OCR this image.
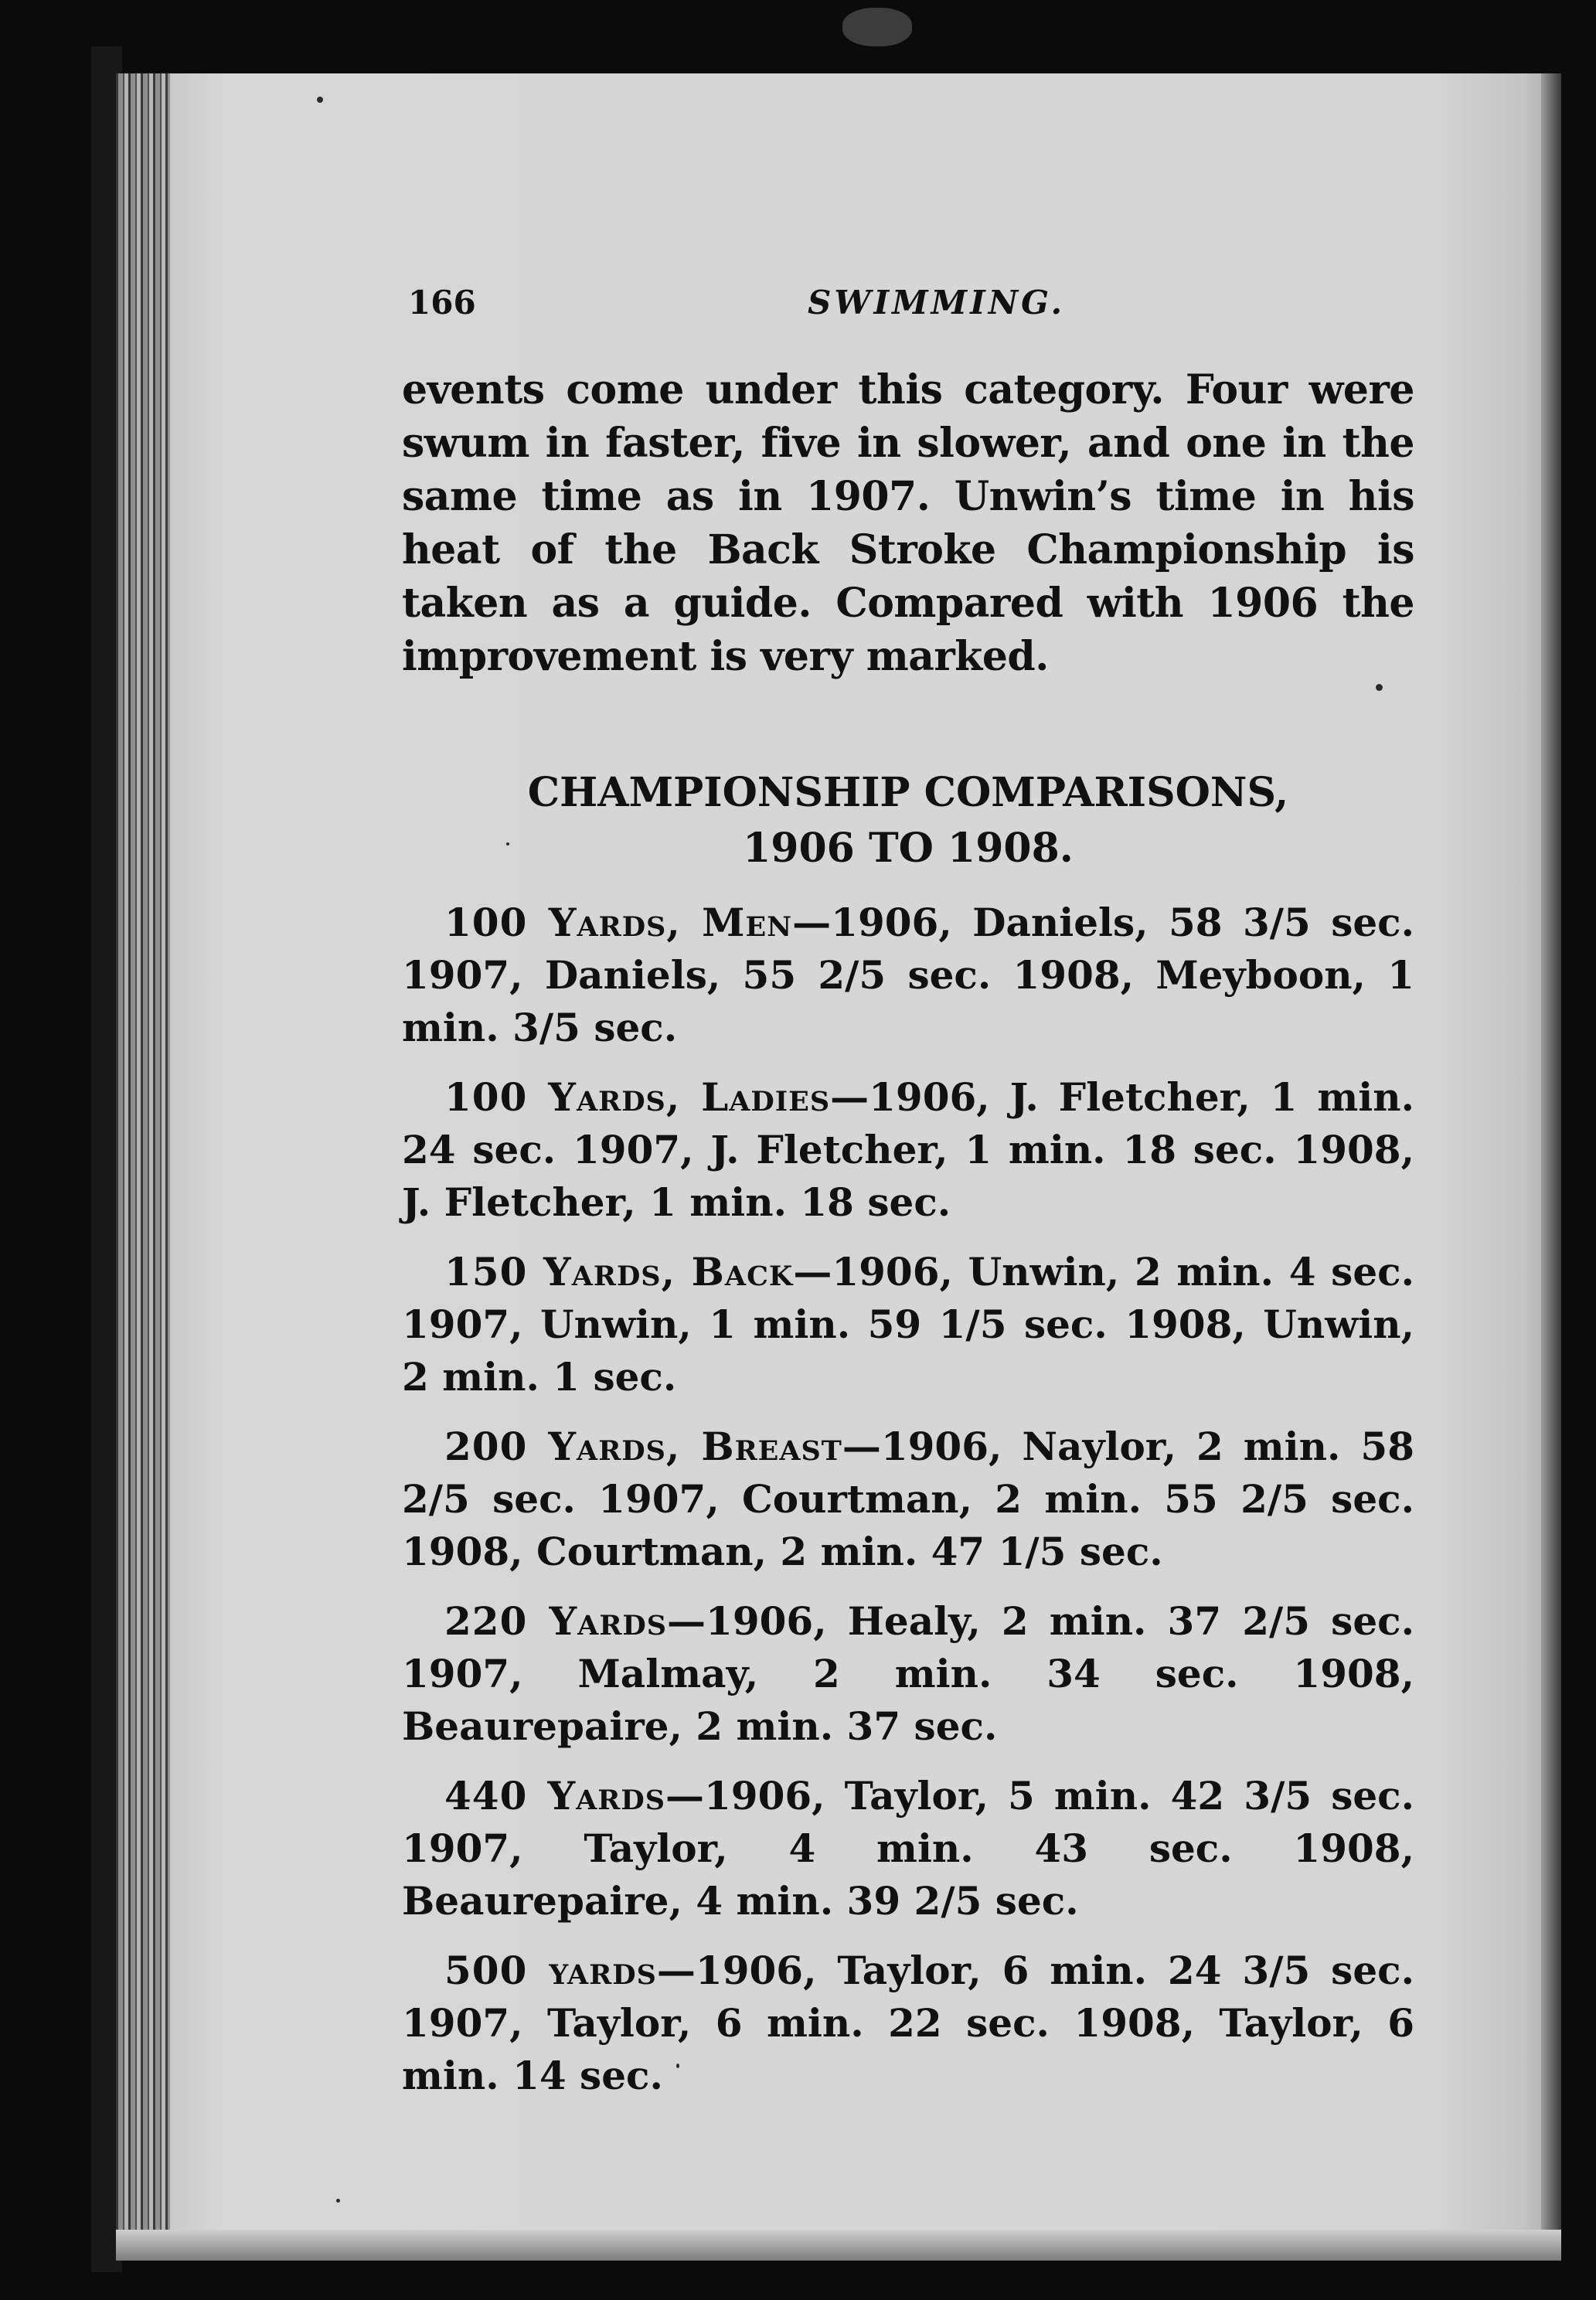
166	SWIMMING.

events come under this category. Four were swum in faster, five in slower, and one in the same time as in 1907. Unwin’s time in his heat of the Back Stroke Championship is taken as a guide. Compared with 1906 the improvement is very marked.

CHAMPIONSHIP COMPARISONS,

1906 TO 1908.

100 Yards, Men—1906, Daniels, 58 3/5 sec. 1907, Daniels, 55 2/5 sec. 1908, Meyboon, 1 min. 3/5 sec.
100 Yards, Ladies—1906, J. Fletcher, 1 min. 24 sec. 1907, J. Fletcher, 1 min. 18 sec. 1908, J. Fletcher, 1 min. 18 sec.
150 Yards, Back—1906, Unwin, 2 min. 4 sec. 1907, Unwin, 1 min. 59 1/5 sec. 1908, Unwin, 2 min. 1 sec.
200 Yards, Breast—1906, Naylor, 2 min. 58 2/5 sec. 1907, Courtman, 2 min. 55 2/5 sec. 1908, Courtman, 2 min. 47 1/5 sec.
220 Yards—1906, Healy, 2 min. 37 2/5 sec. 1907, Malmay, 2 min. 34 sec. 1908, Beaurepaire, 2 min. 37 sec.
440 Yards—1906, Taylor, 5 min. 42 3/5 sec. 1907, Taylor, 4 min. 43 sec. 1908, Beaurepaire, 4 min. 39 2/5 sec.
500 yards—1906, Taylor, 6 min. 24 3/5 sec. 1907, Taylor, 6 min. 22 sec. 1908, Taylor, 6 min. 14 sec.
